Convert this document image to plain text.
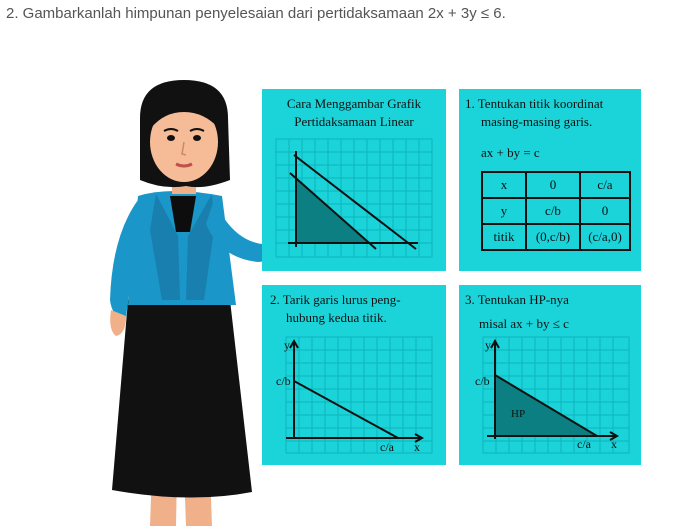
2. Gambarkanlah himpunan penyelesaian dari pertidaksamaan 2x + 3y ≤ 6.
Cara Menggambar Grafik
Pertidaksamaan Linear
1. Tentukan titik koordinat
masing-masing garis.
ax + by = c
x	0	c/a
y	c/b	0
titik	(0,c/b)	(c/a,0)
2. Tarik garis lurus peng-
hubung kedua titik.
y
c/b
c/a x
3. Tentukan HP-nya
misal ax + by ≤ c
y
c/b
HP
c/a x
